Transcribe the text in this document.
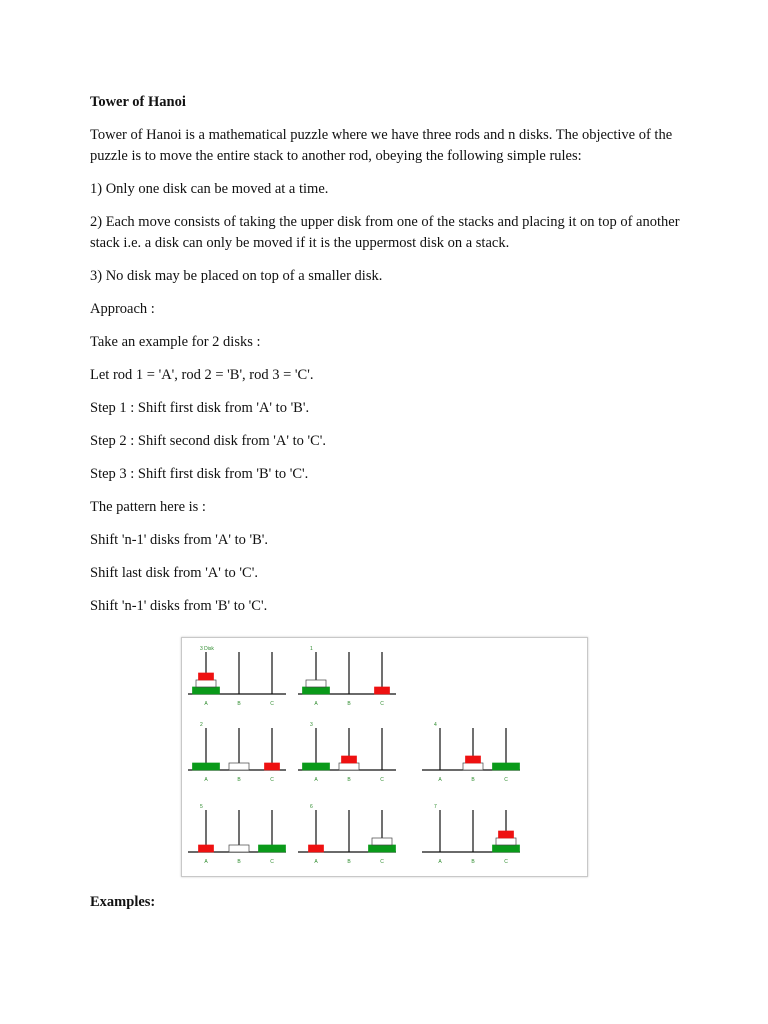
Tower of Hanoi
Tower of Hanoi is a mathematical puzzle where we have three rods and n disks. The objective of the puzzle is to move the entire stack to another rod, obeying the following simple rules:
1) Only one disk can be moved at a time.
2) Each move consists of taking the upper disk from one of the stacks and placing it on top of another stack i.e. a disk can only be moved if it is the uppermost disk on a stack.
3) No disk may be placed on top of a smaller disk.
Approach :
Take an example for 2 disks :
Let rod 1 = 'A', rod 2 = 'B', rod 3 = 'C'.
Step 1 : Shift first disk from 'A' to 'B'.
Step 2 : Shift second disk from 'A' to 'C'.
Step 3 : Shift first disk from 'B' to 'C'.
The pattern here is :
Shift 'n-1' disks from 'A' to 'B'.
Shift last disk from 'A' to 'C'.
Shift 'n-1' disks from 'B' to 'C'.
3 Disk
A	B	C
1
A	B	C
2
A	B	C
3
A	B	C
4
A	B	C
5
A	B	C
6
A	B	C
7
A	B	C
Examples:
